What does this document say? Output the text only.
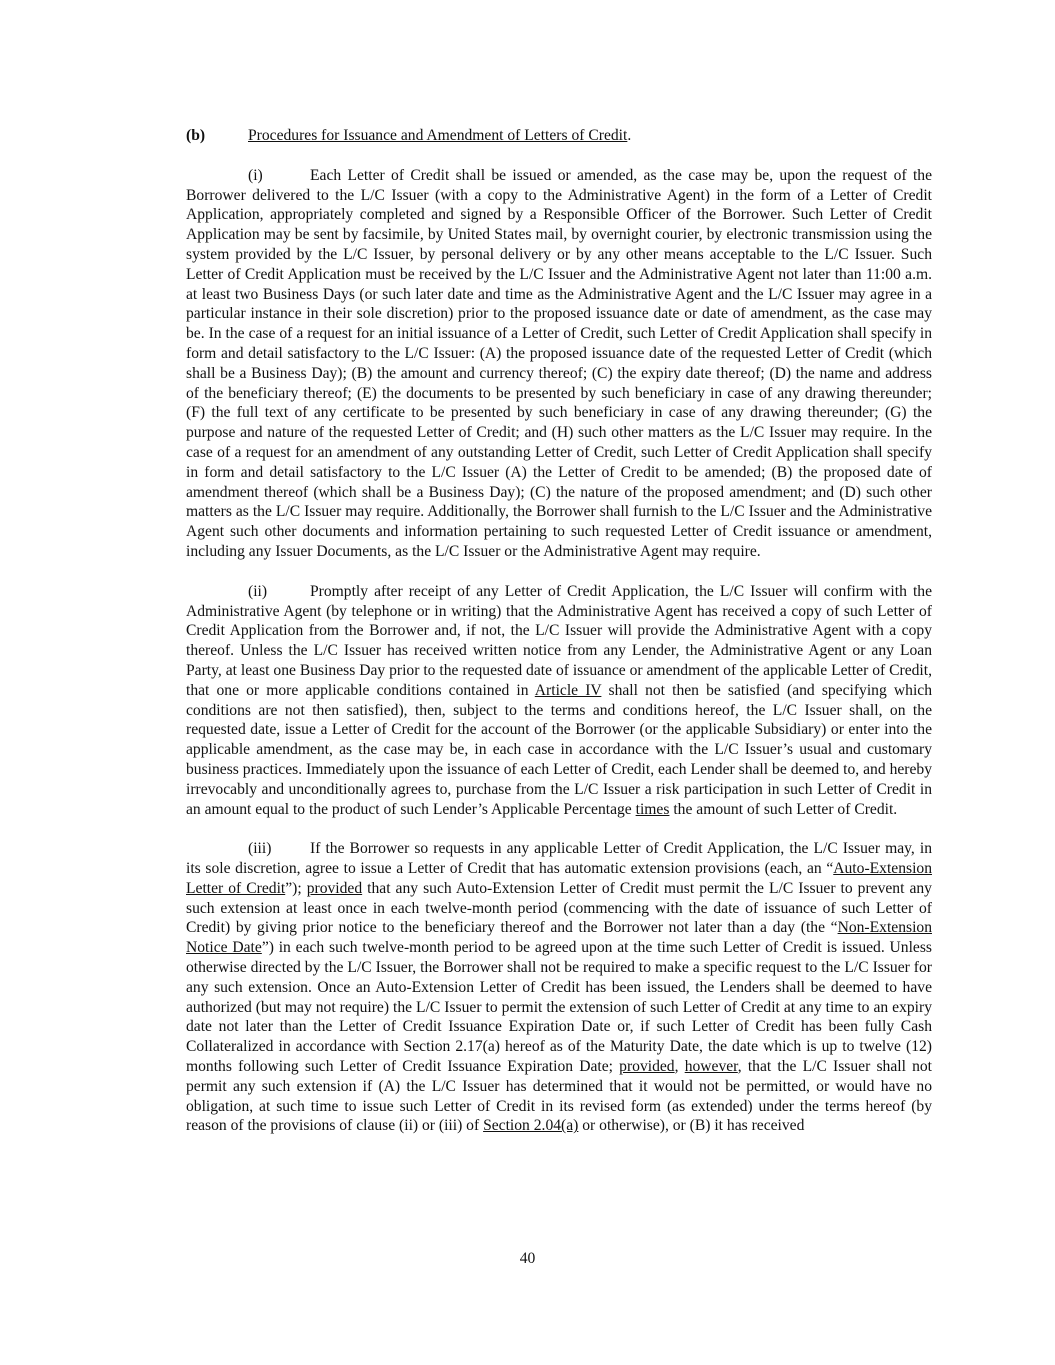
(b)	Procedures for Issuance and Amendment of Letters of Credit.

(i)	Each Letter of Credit shall be issued or amended, as the case may be, upon the request of the Borrower delivered to the L/C Issuer (with a copy to the Administrative Agent) in the form of a Letter of Credit Application, appropriately completed and signed by a Responsible Officer of the Borrower. Such Letter of Credit Application may be sent by facsimile, by United States mail, by overnight courier, by electronic transmission using the system provided by the L/C Issuer, by personal delivery or by any other means acceptable to the L/C Issuer. Such Letter of Credit Application must be received by the L/C Issuer and the Administrative Agent not later than 11:00 a.m. at least two Business Days (or such later date and time as the Administrative Agent and the L/C Issuer may agree in a particular instance in their sole discretion) prior to the proposed issuance date or date of amendment, as the case may be. In the case of a request for an initial issuance of a Letter of Credit, such Letter of Credit Application shall specify in form and detail satisfactory to the L/C Issuer: (A) the proposed issuance date of the requested Letter of Credit (which shall be a Business Day); (B) the amount and currency thereof; (C) the expiry date thereof; (D) the name and address of the beneficiary thereof; (E) the documents to be presented by such beneficiary in case of any drawing thereunder; (F) the full text of any certificate to be presented by such beneficiary in case of any drawing thereunder; (G) the purpose and nature of the requested Letter of Credit; and (H) such other matters as the L/C Issuer may require. In the case of a request for an amendment of any outstanding Letter of Credit, such Letter of Credit Application shall specify in form and detail satisfactory to the L/C Issuer (A) the Letter of Credit to be amended; (B) the proposed date of amendment thereof (which shall be a Business Day); (C) the nature of the proposed amendment; and (D) such other matters as the L/C Issuer may require. Additionally, the Borrower shall furnish to the L/C Issuer and the Administrative Agent such other documents and information pertaining to such requested Letter of Credit issuance or amendment, including any Issuer Documents, as the L/C Issuer or the Administrative Agent may require.

(ii)	Promptly after receipt of any Letter of Credit Application, the L/C Issuer will confirm with the Administrative Agent (by telephone or in writing) that the Administrative Agent has received a copy of such Letter of Credit Application from the Borrower and, if not, the L/C Issuer will provide the Administrative Agent with a copy thereof. Unless the L/C Issuer has received written notice from any Lender, the Administrative Agent or any Loan Party, at least one Business Day prior to the requested date of issuance or amendment of the applicable Letter of Credit, that one or more applicable conditions contained in Article IV shall not then be satisfied (and specifying which conditions are not then satisfied), then, subject to the terms and conditions hereof, the L/C Issuer shall, on the requested date, issue a Letter of Credit for the account of the Borrower (or the applicable Subsidiary) or enter into the applicable amendment, as the case may be, in each case in accordance with the L/C Issuer’s usual and customary business practices. Immediately upon the issuance of each Letter of Credit, each Lender shall be deemed to, and hereby irrevocably and unconditionally agrees to, purchase from the L/C Issuer a risk participation in such Letter of Credit in an amount equal to the product of such Lender’s Applicable Percentage times the amount of such Letter of Credit.

(iii) If the Borrower so requests in any applicable Letter of Credit Application, the L/C Issuer may, in its sole discretion, agree to issue a Letter of Credit that has automatic extension provisions (each, an “Auto-Extension Letter of Credit”); provided that any such Auto-Extension Letter of Credit must permit the L/C Issuer to prevent any such extension at least once in each twelve-month period (commencing with the date of issuance of such Letter of Credit) by giving prior notice to the beneficiary thereof and the Borrower not later than a day (the “Non-Extension Notice Date”) in each such twelve-month period to be agreed upon at the time such Letter of Credit is issued. Unless otherwise directed by the L/C Issuer, the Borrower shall not be required to make a specific request to the L/C Issuer for any such extension. Once an Auto-Extension Letter of Credit has been issued, the Lenders shall be deemed to have authorized (but may not require) the L/C Issuer to permit the extension of such Letter of Credit at any time to an expiry date not later than the Letter of Credit Issuance Expiration Date or, if such Letter of Credit has been fully Cash Collateralized in accordance with Section 2.17(a) hereof as of the Maturity Date, the date which is up to twelve (12) months following such Letter of Credit Issuance Expiration Date; provided, however, that the L/C Issuer shall not permit any such extension if (A) the L/C Issuer has determined that it would not be permitted, or would have no obligation, at such time to issue such Letter of Credit in its revised form (as extended) under the terms hereof (by reason of the provisions of clause (ii) or (iii) of Section 2.04(a) or otherwise), or (B) it has received

40
